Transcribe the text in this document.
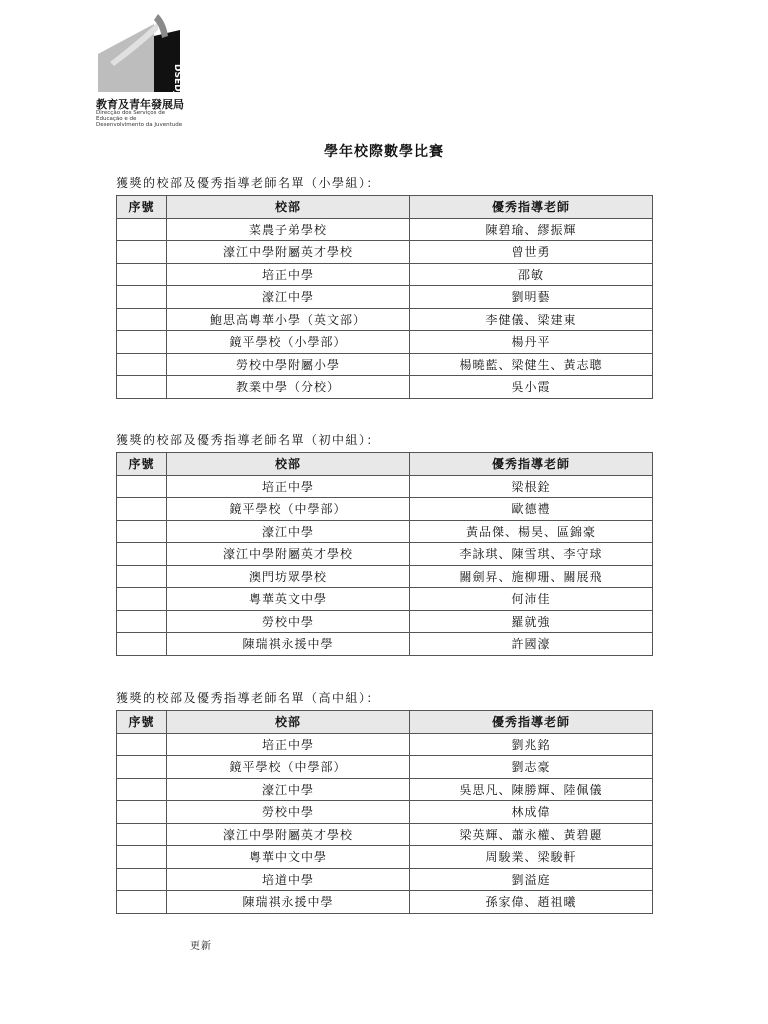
DSEDJ
教育及青年發展局
Direcção dos Serviços de Educação e de Desenvolvimento da Juventude
學年校際數學比賽
獲獎的校部及優秀指導老師名單（小學組）：
序號	校部	優秀指導老師
	菜農子弟學校	陳碧瑜、繆振輝
	濠江中學附屬英才學校	曾世勇
	培正中學	邵敏
	濠江中學	劉明藝
	鮑思高粵華小學（英文部）	李健儀、梁建東
	鏡平學校（小學部）	楊丹平
	勞校中學附屬小學	楊曉藍、梁健生、黃志聰
	教業中學（分校）	吳小霞
獲獎的校部及優秀指導老師名單（初中組）：
序號	校部	優秀指導老師
	培正中學	梁根銓
	鏡平學校（中學部）	歐德禮
	濠江中學	黃品傑、楊昊、區錦豪
	濠江中學附屬英才學校	李詠琪、陳雪琪、李守球
	澳門坊眾學校	關劍昇、施柳珊、關展飛
	粵華英文中學	何沛佳
	勞校中學	羅就強
	陳瑞祺永援中學	許國濠
獲獎的校部及優秀指導老師名單（高中組）：
序號	校部	優秀指導老師
	培正中學	劉兆銘
	鏡平學校（中學部）	劉志豪
	濠江中學	吳思凡、陳勝輝、陸佩儀
	勞校中學	林成偉
	濠江中學附屬英才學校	梁英輝、蕭永權、黃碧麗
	粵華中文中學	周駿業、梁駿軒
	培道中學	劉溢庭
	陳瑞祺永援中學	孫家偉、趙祖曦
更新
